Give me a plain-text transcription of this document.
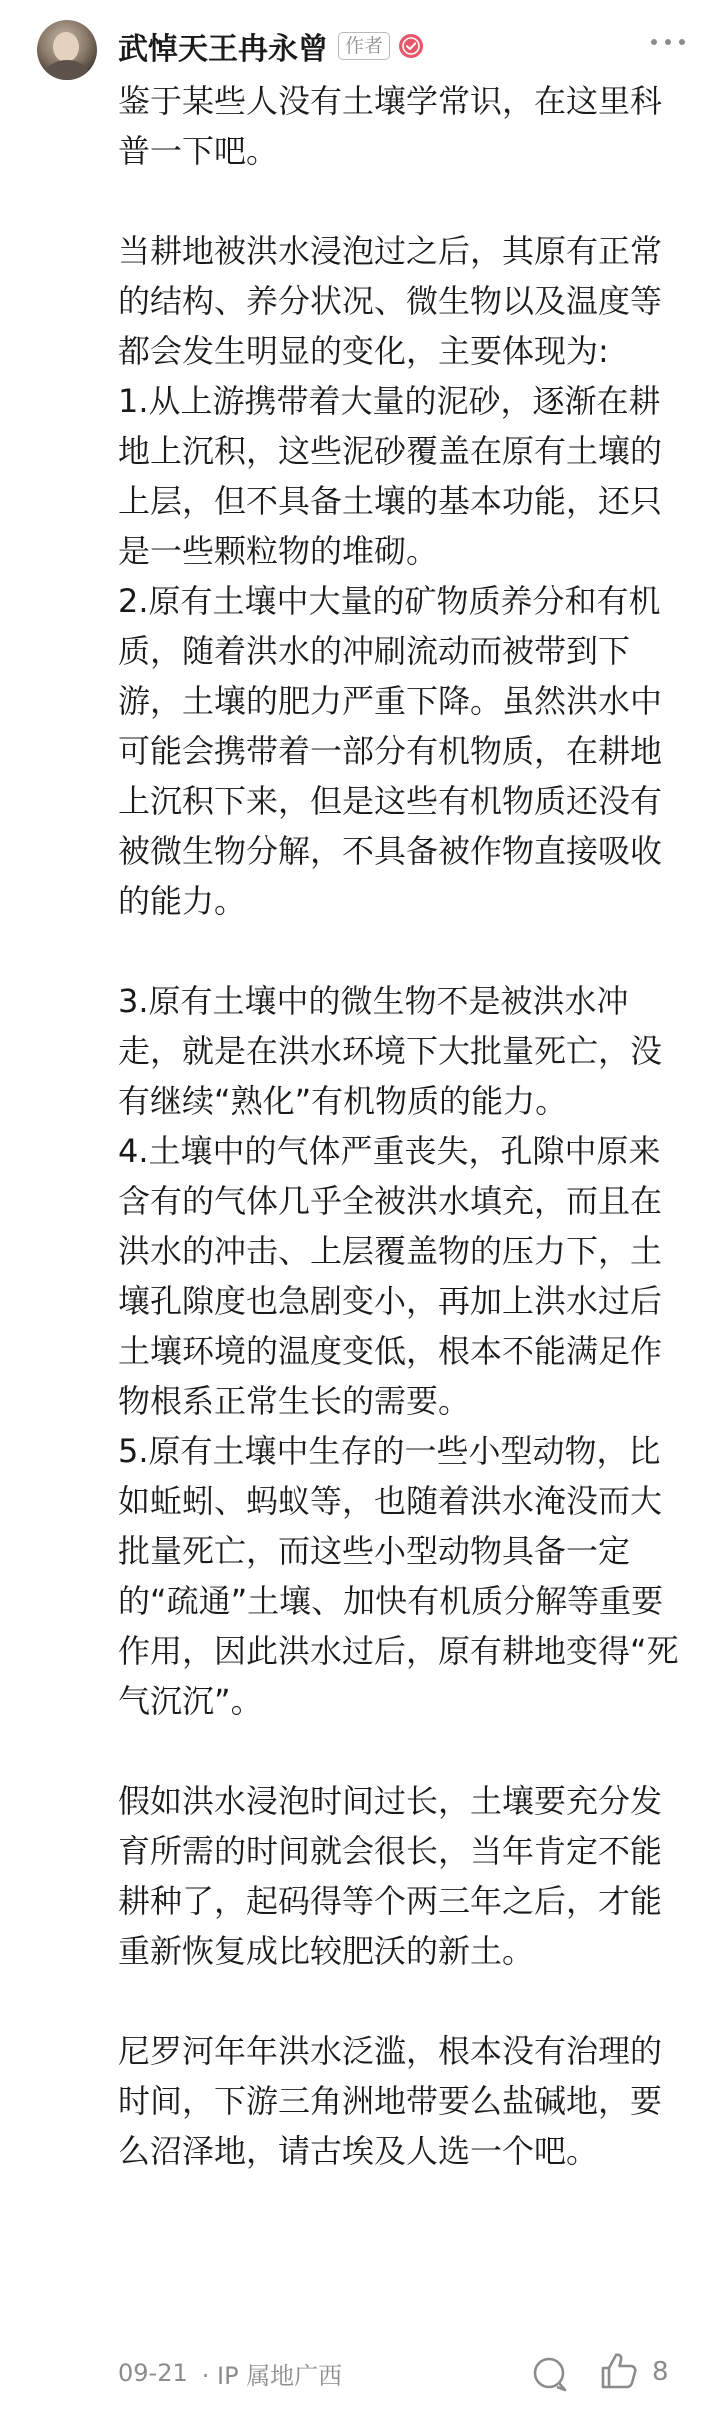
武悼天王冉永曾 作者

鉴于某些人没有土壤学常识，在这里科普一下吧。

当耕地被洪水浸泡过之后，其原有正常的结构、养分状况、微生物以及温度等都会发生明显的变化，主要体现为:

1.从上游携带着大量的泥砂，逐渐在耕地上沉积，这些泥砂覆盖在原有土壤的上层，但不具备土壤的基本功能，还只是一些颗粒物的堆砌。

2.原有土壤中大量的矿物质养分和有机质，随着洪水的冲刷流动而被带到下游，土壤的肥力严重下降。虽然洪水中可能会携带着一部分有机物质，在耕地上沉积下来，但是这些有机物质还没有被微生物分解，不具备被作物直接吸收的能力。

3.原有土壤中的微生物不是被洪水冲走，就是在洪水环境下大批量死亡，没有继续“熟化”有机物质的能力。

4.土壤中的气体严重丧失，孔隙中原来含有的气体几乎全被洪水填充，而且在洪水的冲击、上层覆盖物的压力下，土壤孔隙度也急剧变小，再加上洪水过后土壤环境的温度变低，根本不能满足作物根系正常生长的需要。

5.原有土壤中生存的一些小型动物，比如蚯蚓、蚂蚁等，也随着洪水淹没而大批量死亡，而这些小型动物具备一定的“疏通”土壤、加快有机质分解等重要作用，因此洪水过后，原有耕地变得“死气沉沉”。

假如洪水浸泡时间过长，土壤要充分发育所需的时间就会很长，当年肯定不能耕种了，起码得等个两三年之后，才能重新恢复成比较肥沃的新土。

尼罗河年年洪水泛滥，根本没有治理的时间，下游三角洲地带要么盐碱地，要么沼泽地，请古埃及人选一个吧。

09-21 · IP 属地广西	8
